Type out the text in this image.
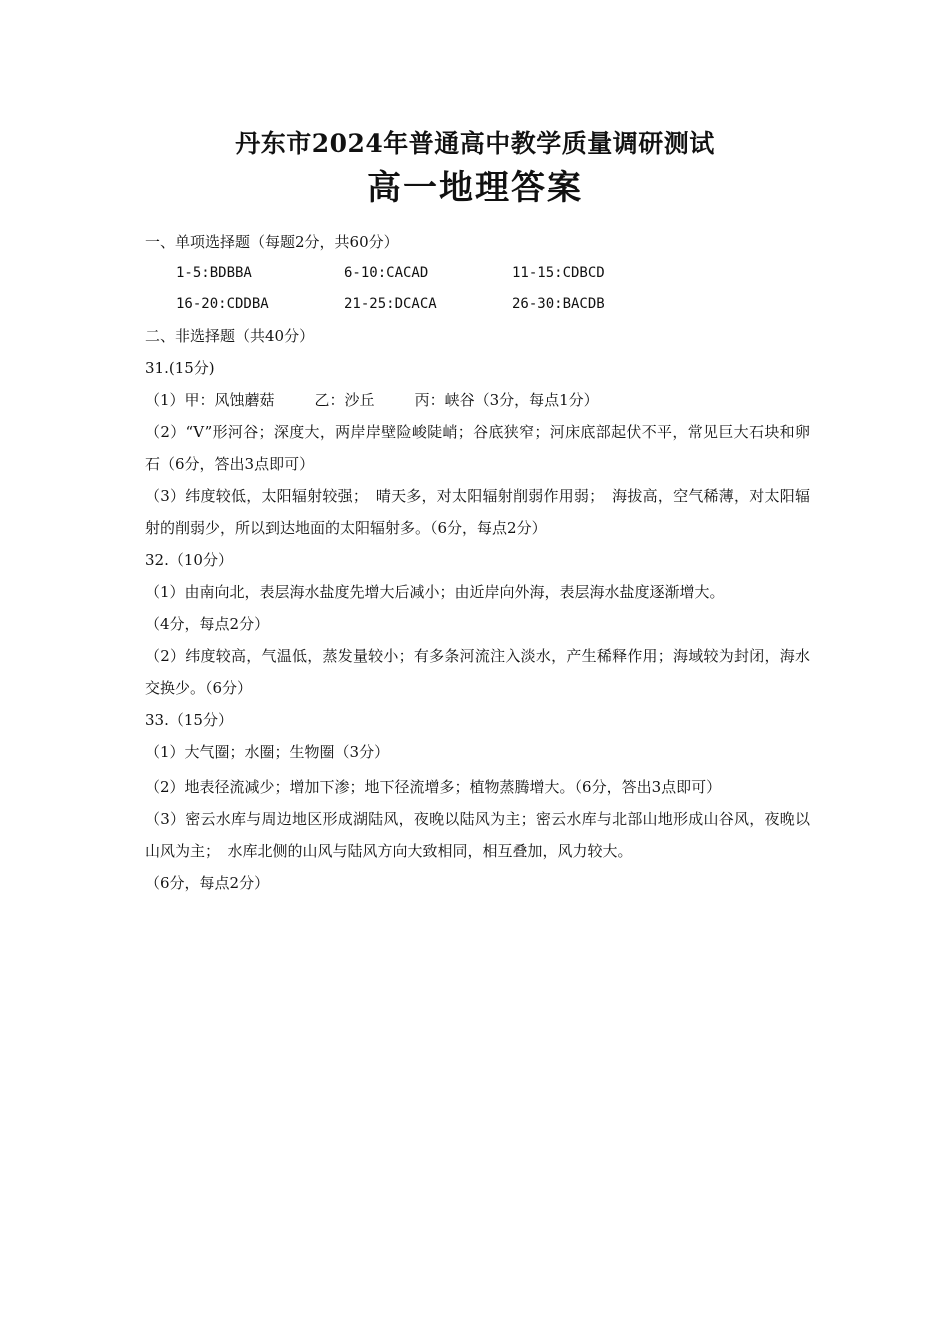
丹东市2024年普通高中教学质量调研测试
高一地理答案
一、单项选择题（每题2分，共60分）
1-5:BDBBA	6-10:CACAD	11-15:CDBCD
16-20:CDDBA	21-25:DCACA	26-30:BACDB
二、非选择题（共40分）
31.(15分)
（1）甲：风蚀蘑菇	乙：沙丘	丙：峡谷（3分，每点1分）
（2）“V”形河谷；深度大，两岸岸壁险峻陡峭；谷底狭窄；河床底部起伏不平，常见巨大石块和卵石（6分，答出3点即可）
（3）纬度较低，太阳辐射较强；　晴天多，对太阳辐射削弱作用弱；　海拔高，空气稀薄，对太阳辐射的削弱少，所以到达地面的太阳辐射多。（6分，每点2分）
32.（10分）
（1）由南向北，表层海水盐度先增大后减小；由近岸向外海，表层海水盐度逐渐增大。
（4分，每点2分）
（2）纬度较高，气温低，蒸发量较小；有多条河流注入淡水，产生稀释作用；海域较为封闭，海水交换少。（6分）
33.（15分）
（1）大气圈；水圈；生物圈（3分）
（2）地表径流减少；增加下渗；地下径流增多；植物蒸腾增大。（6分，答出3点即可）
（3）密云水库与周边地区形成湖陆风，夜晚以陆风为主；密云水库与北部山地形成山谷风，夜晚以山风为主；　水库北侧的山风与陆风方向大致相同，相互叠加，风力较大。
（6分，每点2分）
